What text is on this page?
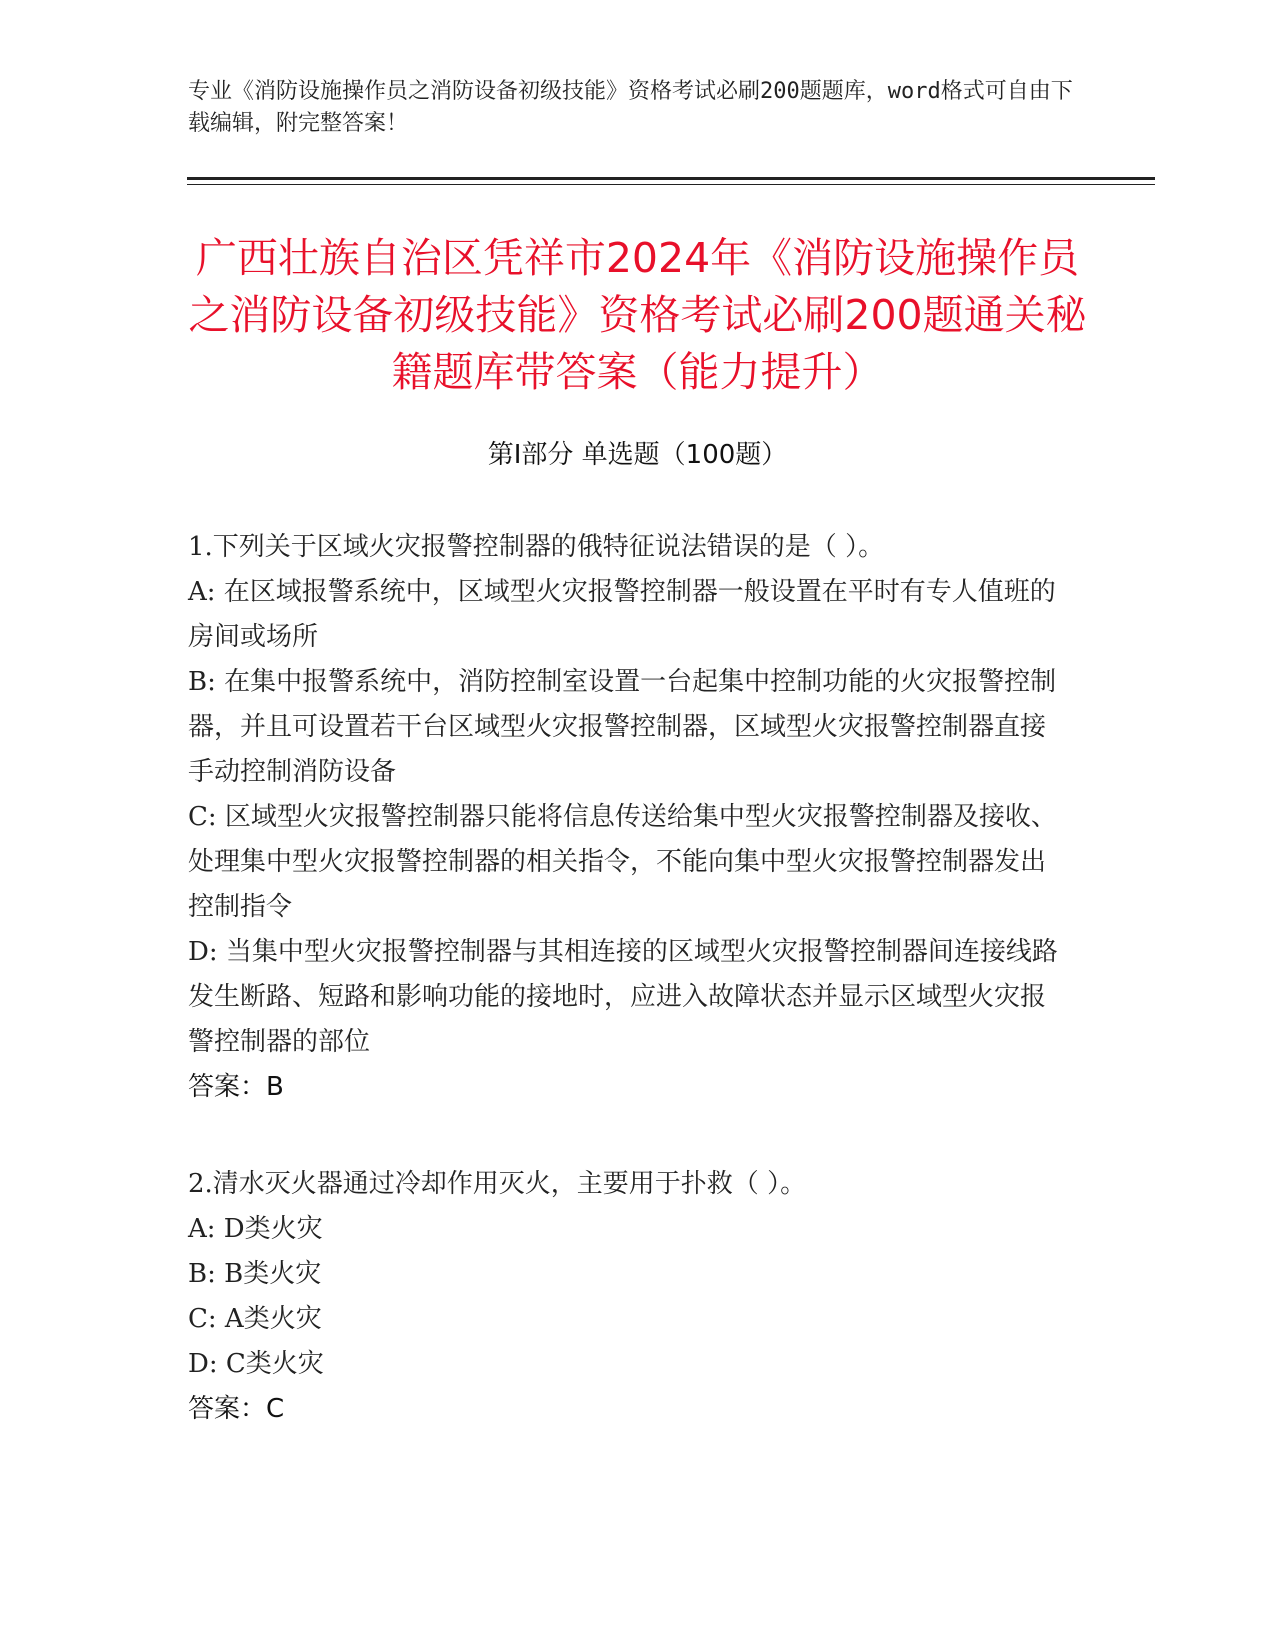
专业《消防设施操作员之消防设备初级技能》资格考试必刷200题题库，word格式可自由下载编辑，附完整答案！
广西壮族自治区凭祥市2024年《消防设施操作员之消防设备初级技能》资格考试必刷200题通关秘籍题库带答案（能力提升）
第I部分 单选题（100题）

1.下列关于区域火灾报警控制器的俄特征说法错误的是（ ）。

A: 在区域报警系统中，区域型火灾报警控制器一般设置在平时有专人值班的房间或场所

B: 在集中报警系统中，消防控制室设置一台起集中控制功能的火灾报警控制器，并且可设置若干台区域型火灾报警控制器，区域型火灾报警控制器直接手动控制消防设备

C: 区域型火灾报警控制器只能将信息传送给集中型火灾报警控制器及接收、处理集中型火灾报警控制器的相关指令，不能向集中型火灾报警控制器发出控制指令

D: 当集中型火灾报警控制器与其相连接的区域型火灾报警控制器间连接线路发生断路、短路和影响功能的接地时，应进入故障状态并显示区域型火灾报警控制器的部位

答案：B

2.清水灭火器通过冷却作用灭火，主要用于扑救（ ）。

A: D类火灾

B: B类火灾

C: A类火灾

D: C类火灾

答案：C
